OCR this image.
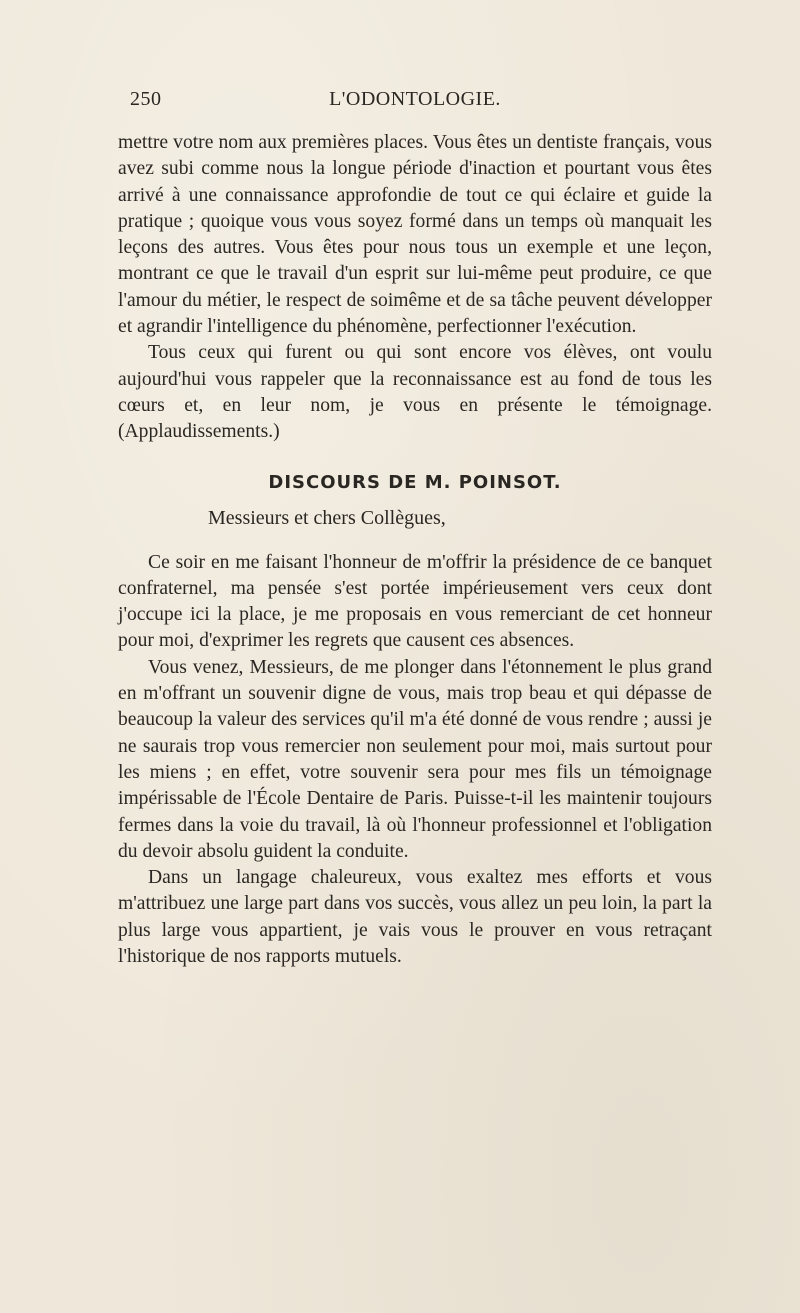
250	L'ODONTOLOGIE.

mettre votre nom aux premières places. Vous êtes un dentiste français, vous avez subi comme nous la longue période d'inaction et pourtant vous êtes arrivé à une connaissance approfondie de tout ce qui éclaire et guide la pratique ; quoique vous vous soyez formé dans un temps où manquait les leçons des autres. Vous êtes pour nous tous un exemple et une leçon, montrant ce que le travail d'un esprit sur lui-même peut produire, ce que l'amour du métier, le respect de soimême et de sa tâche peuvent développer et agrandir l'intelligence du phénomène, perfectionner l'exécution.

Tous ceux qui furent ou qui sont encore vos élèves, ont voulu aujourd'hui vous rappeler que la reconnaissance est au fond de tous les cœurs et, en leur nom, je vous en présente le témoignage. (Applaudissements.)

DISCOURS DE M. POINSOT.
Messieurs et chers Collègues,

Ce soir en me faisant l'honneur de m'offrir la présidence de ce banquet confraternel, ma pensée s'est portée impérieusement vers ceux dont j'occupe ici la place, je me proposais en vous remerciant de cet honneur pour moi, d'exprimer les regrets que causent ces absences.

Vous venez, Messieurs, de me plonger dans l'étonnement le plus grand en m'offrant un souvenir digne de vous, mais trop beau et qui dépasse de beaucoup la valeur des services qu'il m'a été donné de vous rendre ; aussi je ne saurais trop vous remercier non seulement pour moi, mais surtout pour les miens ; en effet, votre souvenir sera pour mes fils un témoignage impérissable de l'École Dentaire de Paris. Puisse-t-il les maintenir toujours fermes dans la voie du travail, là où l'honneur professionnel et l'obligation du devoir absolu guident la conduite.

Dans un langage chaleureux, vous exaltez mes efforts et vous m'attribuez une large part dans vos succès, vous allez un peu loin, la part la plus large vous appartient, je vais vous le prouver en vous retraçant l'historique de nos rapports mutuels.
